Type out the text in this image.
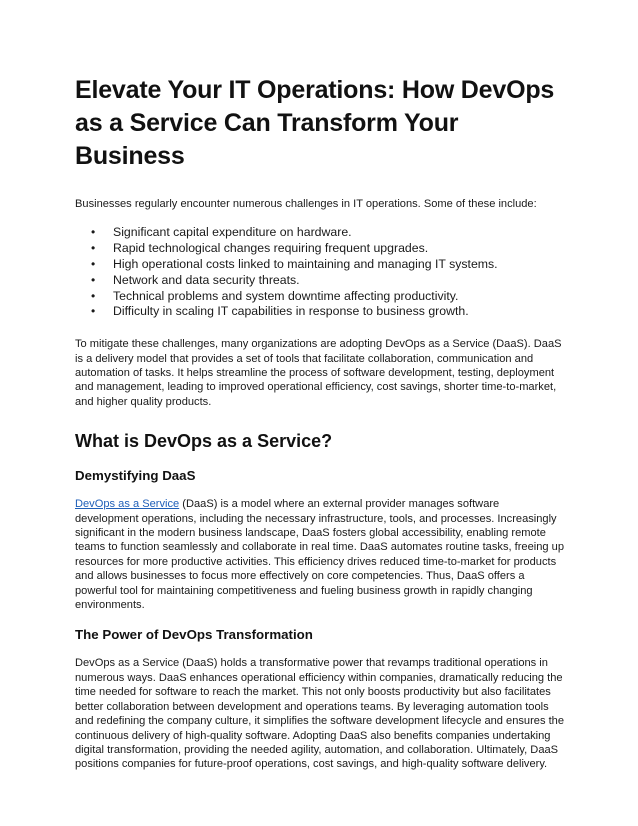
Elevate Your IT Operations: How DevOps as a Service Can Transform Your Business

Businesses regularly encounter numerous challenges in IT operations. Some of these include:

• Significant capital expenditure on hardware.
• Rapid technological changes requiring frequent upgrades.
• High operational costs linked to maintaining and managing IT systems.
• Network and data security threats.
• Technical problems and system downtime affecting productivity.
• Difficulty in scaling IT capabilities in response to business growth.

To mitigate these challenges, many organizations are adopting DevOps as a Service (DaaS). DaaS is a delivery model that provides a set of tools that facilitate collaboration, communication and automation of tasks. It helps streamline the process of software development, testing, deployment and management, leading to improved operational efficiency, cost savings, shorter time-to-market, and higher quality products.

What is DevOps as a Service?
Demystifying DaaS

DevOps as a Service (DaaS) is a model where an external provider manages software development operations, including the necessary infrastructure, tools, and processes. Increasingly significant in the modern business landscape, DaaS fosters global accessibility, enabling remote teams to function seamlessly and collaborate in real time. DaaS automates routine tasks, freeing up resources for more productive activities. This efficiency drives reduced time-to-market for products and allows businesses to focus more effectively on core competencies. Thus, DaaS offers a powerful tool for maintaining competitiveness and fueling business growth in rapidly changing environments.

The Power of DevOps Transformation

DevOps as a Service (DaaS) holds a transformative power that revamps traditional operations in numerous ways. DaaS enhances operational efficiency within companies, dramatically reducing the time needed for software to reach the market. This not only boosts productivity but also facilitates better collaboration between development and operations teams. By leveraging automation tools and redefining the company culture, it simplifies the software development lifecycle and ensures the continuous delivery of high-quality software. Adopting DaaS also benefits companies undertaking digital transformation, providing the needed agility, automation, and collaboration. Ultimately, DaaS positions companies for future-proof operations, cost savings, and high-quality software delivery.
